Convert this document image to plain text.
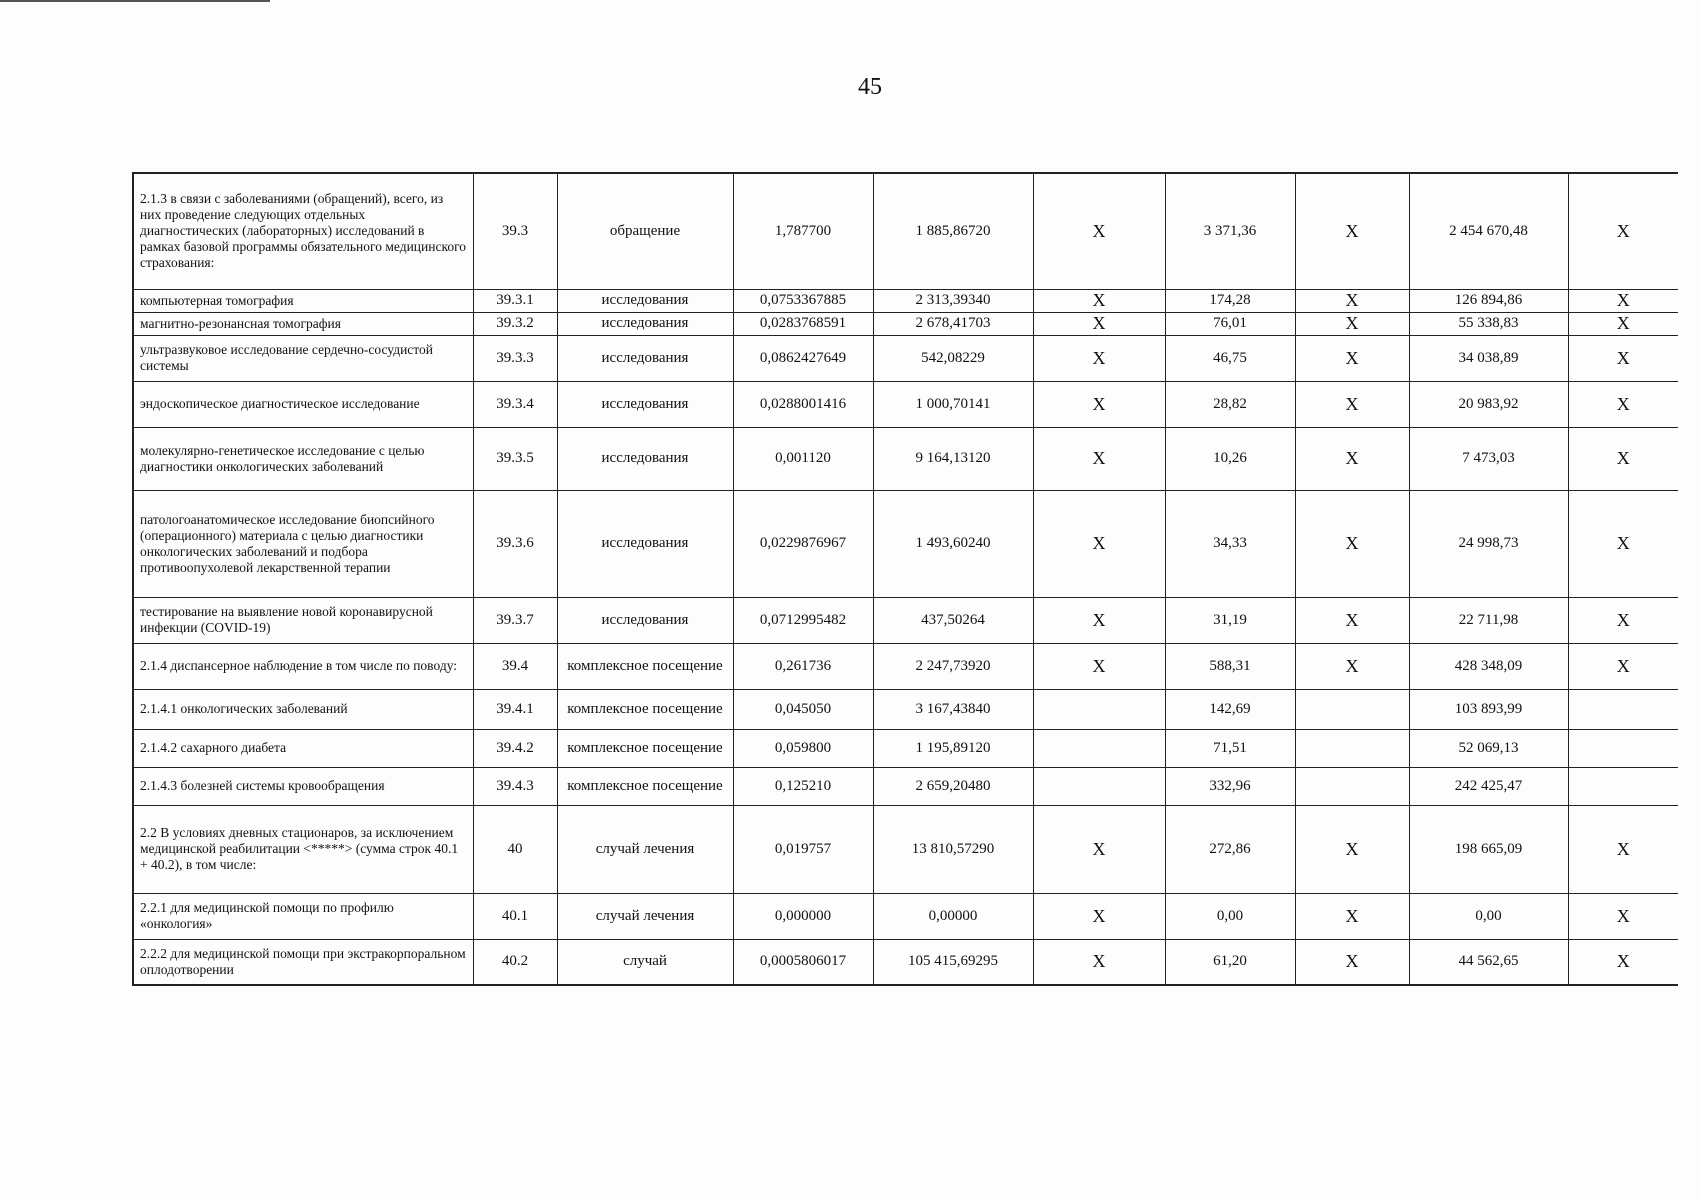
45
2.1.3 в связи с заболеваниями (обращений), всего, из них проведение следующих отдельных диагностических (лабораторных) исследований в рамках базовой программы обязательного медицинского страхования:	39.3	обращение	1,787700	1 885,86720	X	3 371,36	X	2 454 670,48	X
компьютерная томография	39.3.1	исследования	0,0753367885	2 313,39340	X	174,28	X	126 894,86	X
магнитно-резонансная томография	39.3.2	исследования	0,0283768591	2 678,41703	X	76,01	X	55 338,83	X
ультразвуковое исследование сердечно-сосудистой системы	39.3.3	исследования	0,0862427649	542,08229	X	46,75	X	34 038,89	X
эндоскопическое диагностическое исследование	39.3.4	исследования	0,0288001416	1 000,70141	X	28,82	X	20 983,92	X
молекулярно-генетическое исследование с целью диагностики онкологических заболеваний	39.3.5	исследования	0,001120	9 164,13120	X	10,26	X	7 473,03	X
патологоанатомическое исследование биопсийного (операционного) материала с целью диагностики онкологических заболеваний и подбора противоопухолевой лекарственной терапии	39.3.6	исследования	0,0229876967	1 493,60240	X	34,33	X	24 998,73	X
тестирование на выявление новой коронавирусной инфекции (COVID-19)	39.3.7	исследования	0,0712995482	437,50264	X	31,19	X	22 711,98	X
2.1.4 диспансерное наблюдение в том числе по поводу:	39.4	комплексное посещение	0,261736	2 247,73920	X	588,31	X	428 348,09	X
2.1.4.1 онкологических заболеваний	39.4.1	комплексное посещение	0,045050	3 167,43840		142,69		103 893,99	
2.1.4.2 сахарного диабета	39.4.2	комплексное посещение	0,059800	1 195,89120		71,51		52 069,13	
2.1.4.3 болезней системы кровообращения	39.4.3	комплексное посещение	0,125210	2 659,20480		332,96		242 425,47	
2.2 В условиях дневных стационаров, за исключением медицинской реабилитации <*****> (сумма строк 40.1 + 40.2), в том числе:	40	случай лечения	0,019757	13 810,57290	X	272,86	X	198 665,09	X
2.2.1 для медицинской помощи по профилю «онкология»	40.1	случай лечения	0,000000	0,00000	X	0,00	X	0,00	X
2.2.2 для медицинской помощи при экстракорпоральном оплодотворении	40.2	случай	0,0005806017	105 415,69295	X	61,20	X	44 562,65	X
